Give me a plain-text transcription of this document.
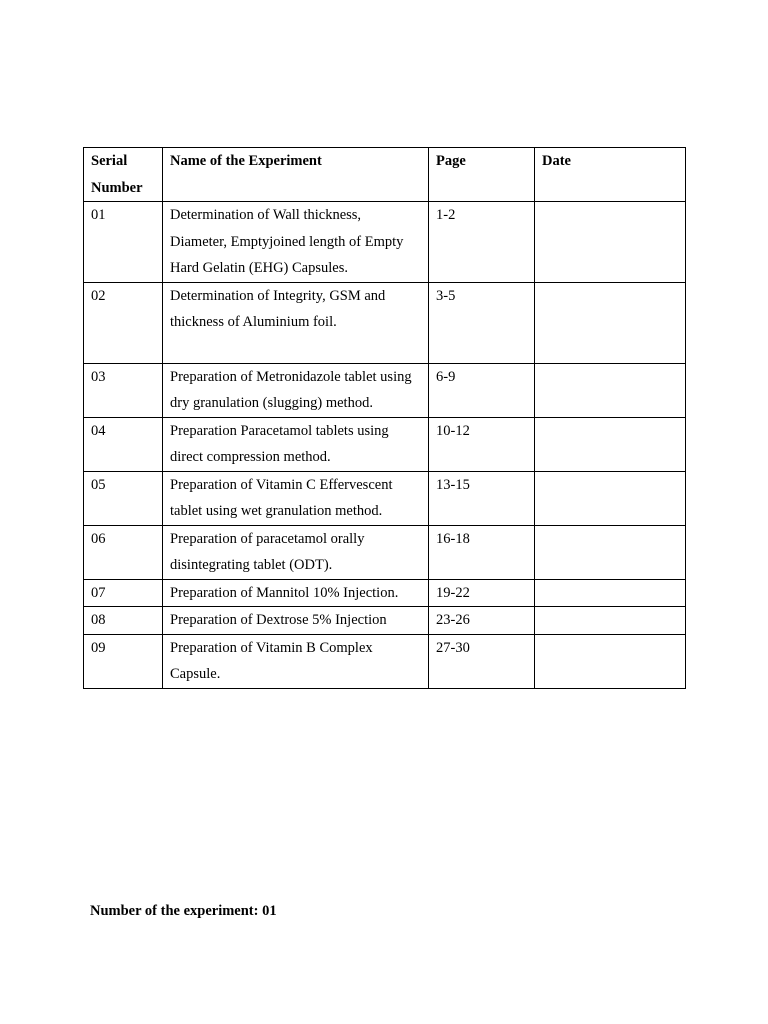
Serial Number	Name of the Experiment	Page	Date
01	Determination of Wall thickness, Diameter, Emptyjoined length of Empty Hard Gelatin (EHG) Capsules.	1-2	
02	Determination of Integrity, GSM and thickness of Aluminium foil.	3-5	
03	Preparation of Metronidazole tablet using dry granulation (slugging) method.	6-9	
04	Preparation Paracetamol tablets using direct compression method.	10-12	
05	Preparation of Vitamin C Effervescent tablet using wet granulation method.	13-15	
06	Preparation of paracetamol orally disintegrating tablet (ODT).	16-18	
07	Preparation of Mannitol 10% Injection.	19-22	
08	Preparation of Dextrose 5% Injection	23-26	
09	Preparation of Vitamin B Complex Capsule.	27-30	
Number of the experiment: 01
